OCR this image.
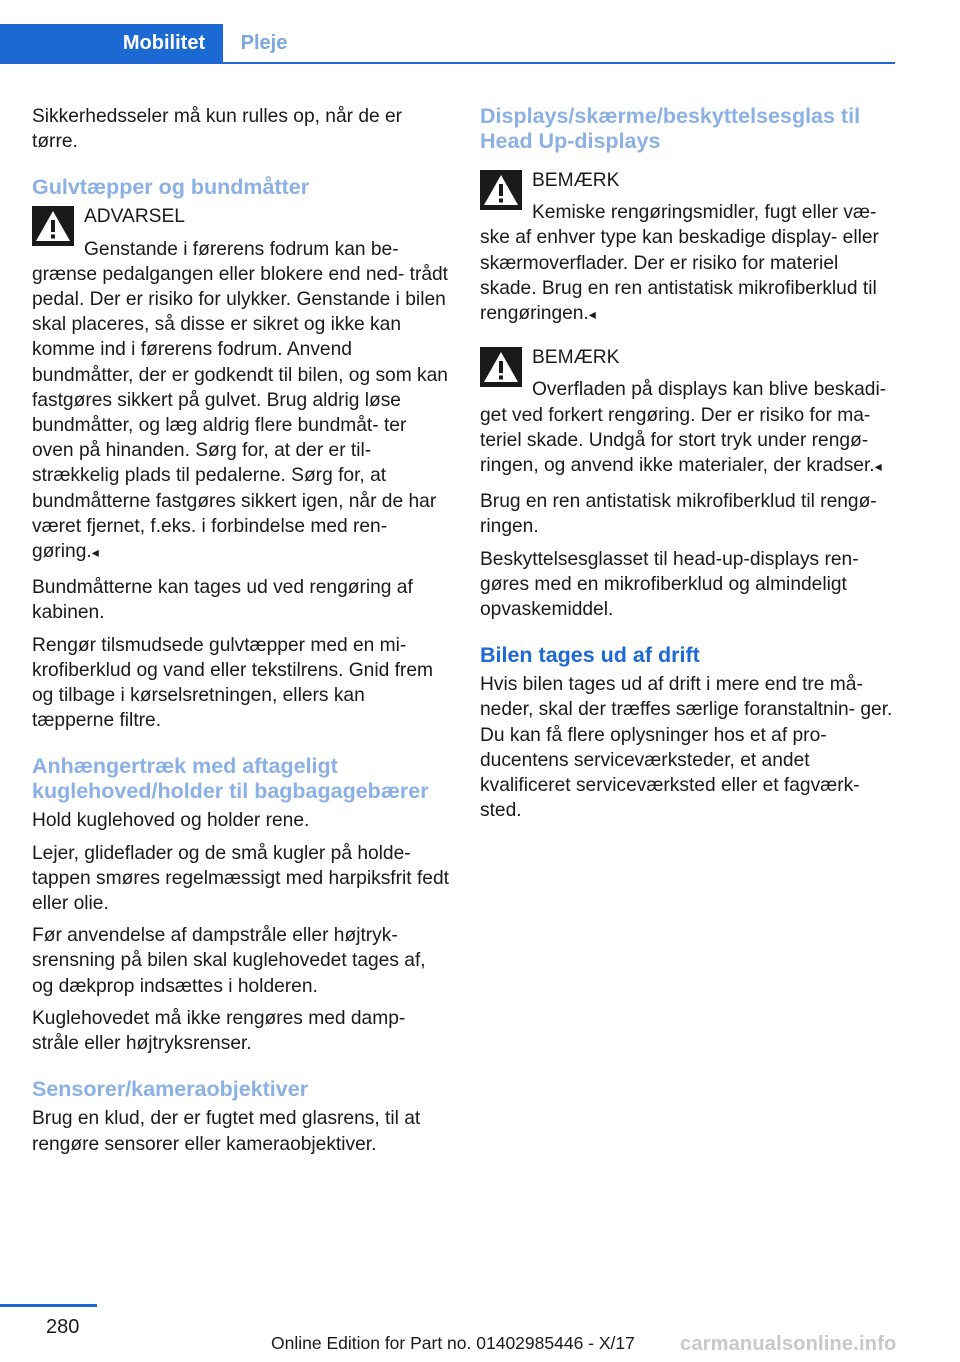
Mobilitet	Pleje

Sikkerhedsseler må kun rulles op, når de er tørre.

Gulvtæpper og bundmåtter
ADVARSEL

Genstande i førerens fodrum kan be- grænse pedalgangen eller blokere end ned- trådt pedal. Der er risiko for ulykker. Genstande i bilen skal placeres, så disse er sikret og ikke kan komme ind i førerens fodrum. Anvend bundmåtter, der er godkendt til bilen, og som kan fastgøres sikkert på gulvet. Brug aldrig løse bundmåtter, og læg aldrig flere bundmåt- ter oven på hinanden. Sørg for, at der er til- strækkelig plads til pedalerne. Sørg for, at bundmåtterne fastgøres sikkert igen, når de har været fjernet, f.eks. i forbindelse med ren- gøring.◂

Bundmåtterne kan tages ud ved rengøring af kabinen.

Rengør tilsmudsede gulvtæpper med en mi- krofiberklud og vand eller tekstilrens. Gnid frem og tilbage i kørselsretningen, ellers kan tæpperne filtre.

Anhængertræk med aftageligt kuglehoved/holder til bagbagagebærer

Hold kuglehoved og holder rene.

Lejer, glideflader og de små kugler på holde- tappen smøres regelmæssigt med harpiksfrit fedt eller olie.

Før anvendelse af dampstråle eller højtryk- srensning på bilen skal kuglehovedet tages af, og dækprop indsættes i holderen.

Kuglehovedet må ikke rengøres med damp- stråle eller højtryksrenser.

Sensorer/kameraobjektiver

Brug en klud, der er fugtet med glasrens, til at rengøre sensorer eller kameraobjektiver.

Displays/skærme/beskyttelsesglas til Head Up-displays
BEMÆRK

Kemiske rengøringsmidler, fugt eller væ- ske af enhver type kan beskadige display- eller skærmoverflader. Der er risiko for materiel skade. Brug en ren antistatisk mikrofiberklud til rengøringen.◂

BEMÆRK

Overfladen på displays kan blive beskadi- get ved forkert rengøring. Der er risiko for ma- teriel skade. Undgå for stort tryk under rengø- ringen, og anvend ikke materialer, der kradser.◂

Brug en ren antistatisk mikrofiberklud til rengø- ringen.

Beskyttelsesglasset til head-up-displays ren- gøres med en mikrofiberklud og almindeligt opvaskemiddel.

Bilen tages ud af drift

Hvis bilen tages ud af drift i mere end tre må- neder, skal der træffes særlige foranstaltnin- ger. Du kan få flere oplysninger hos et af pro- ducentens serviceværksteder, et andet kvalificeret serviceværksted eller et fagværk- sted.

280
Online Edition for Part no. 01402985446 - X/17 carmanualsonline.info
